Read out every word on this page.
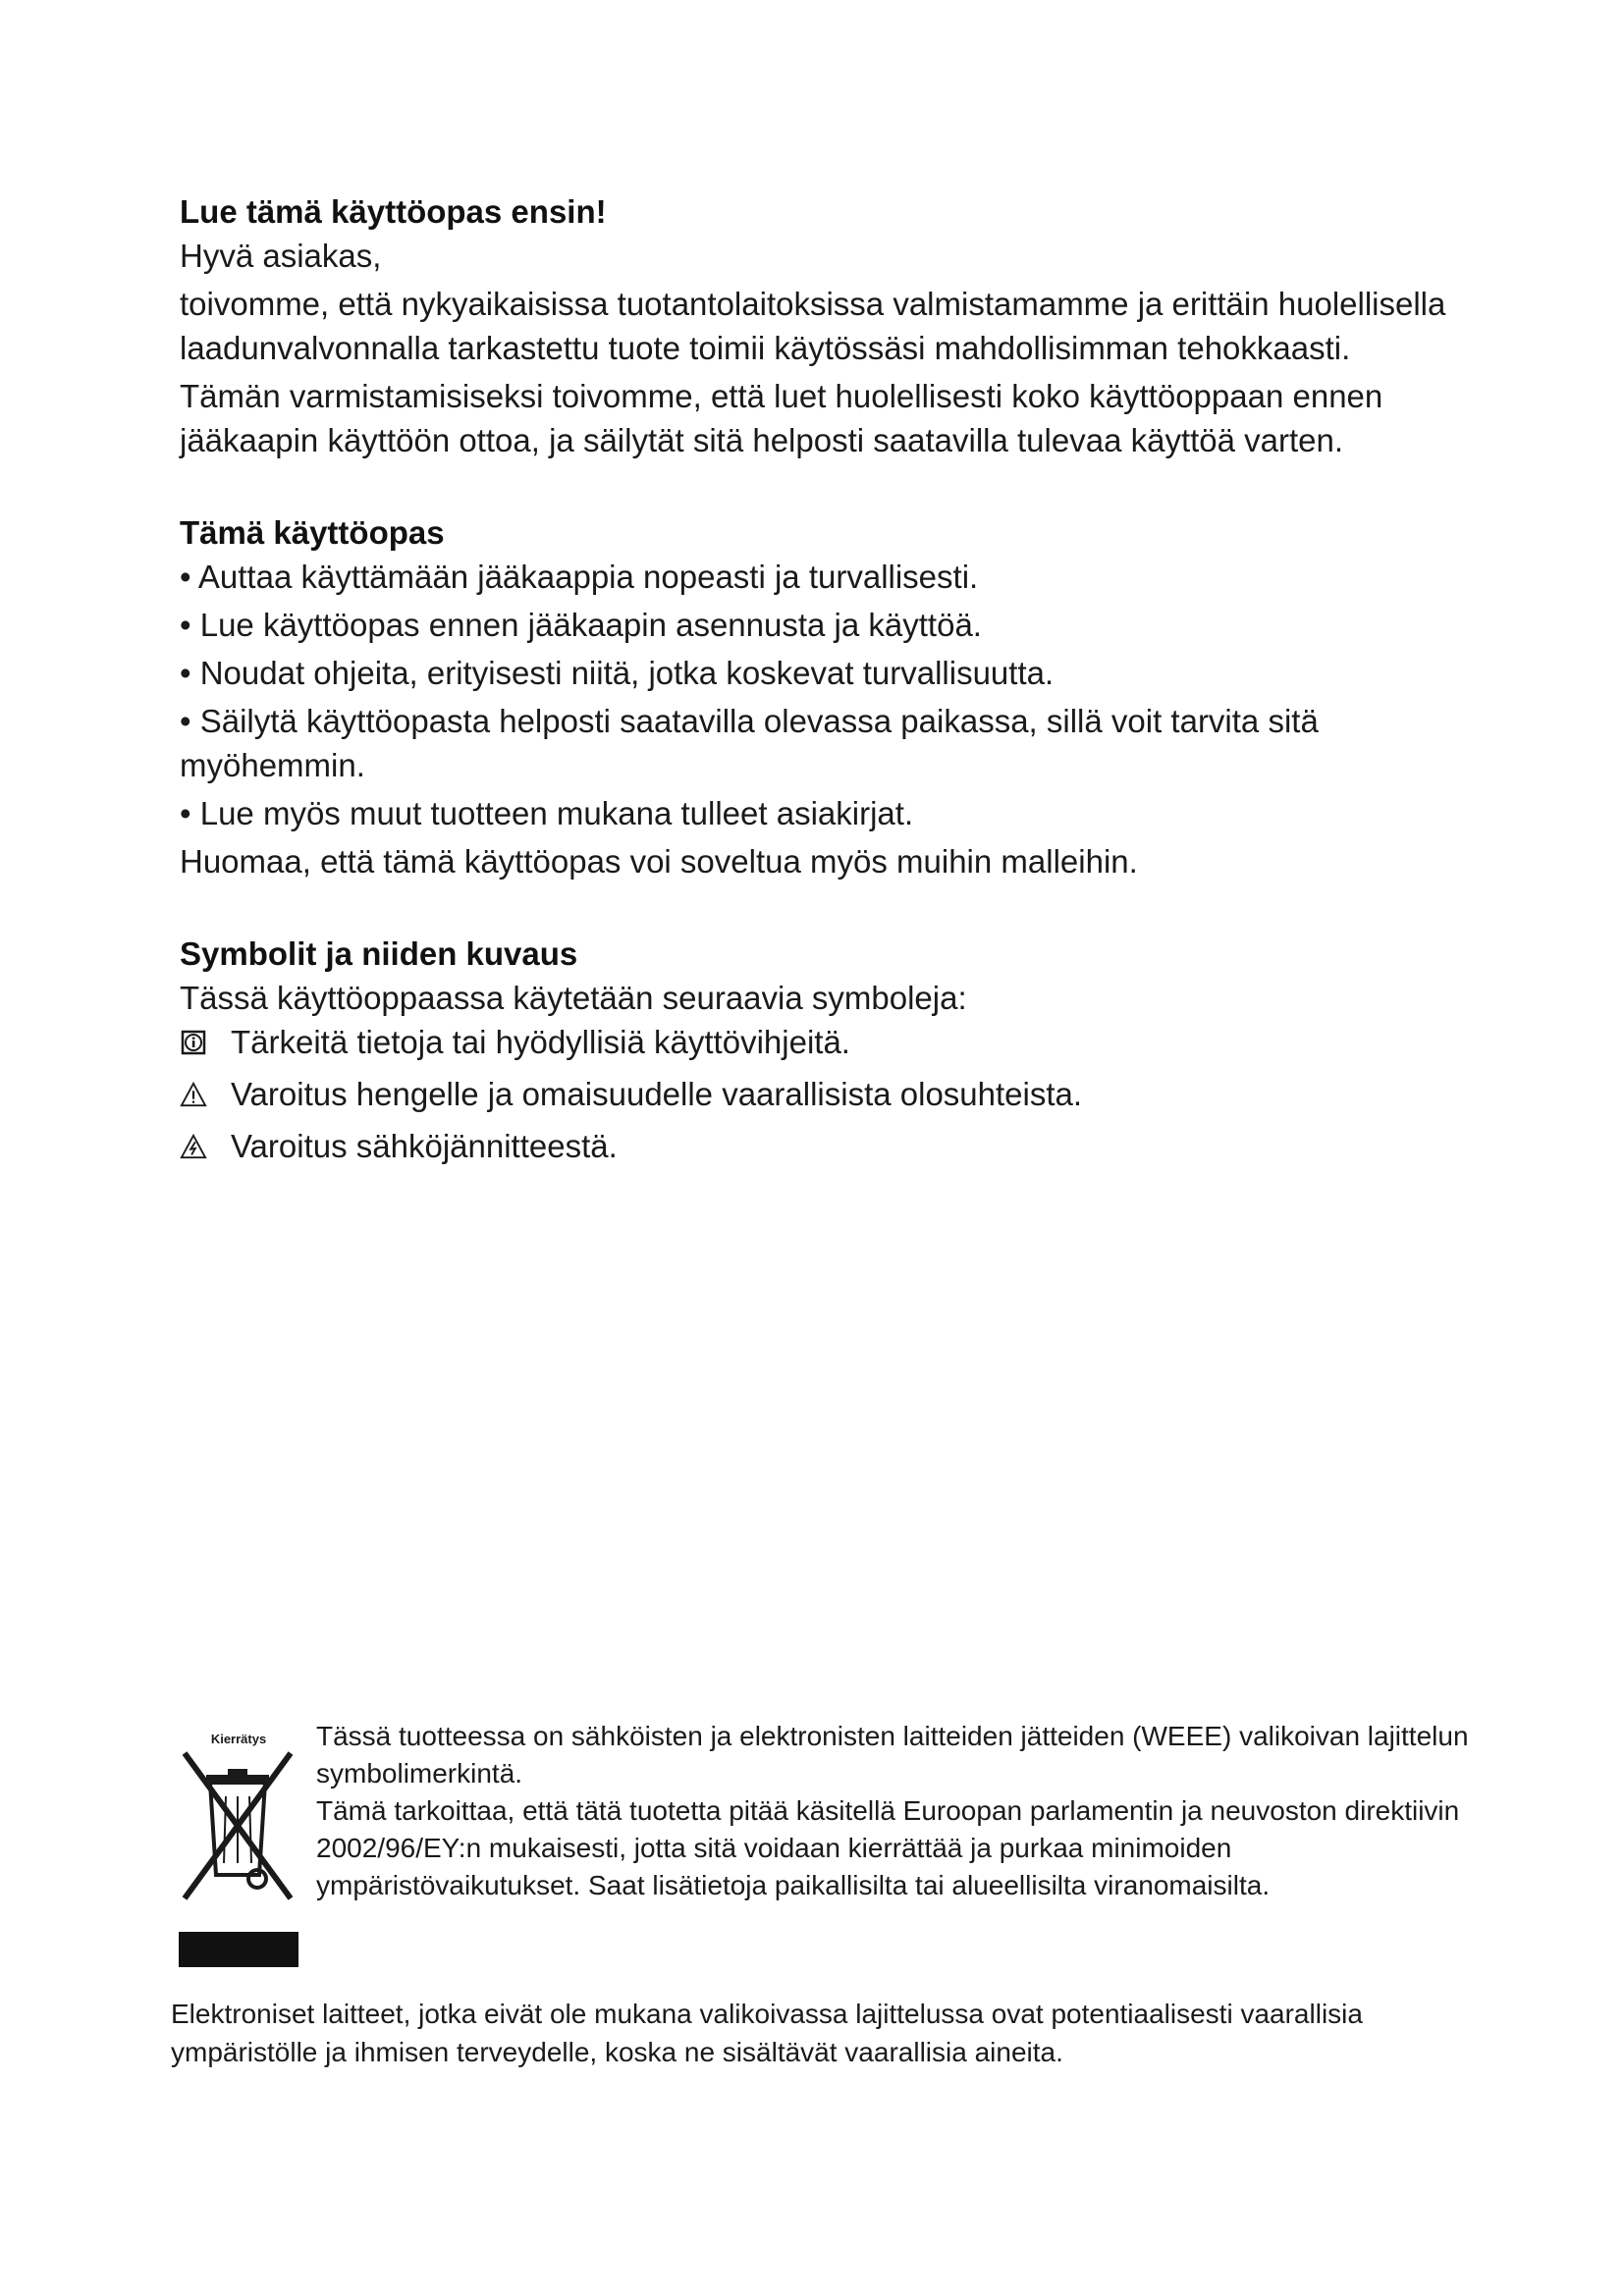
Lue tämä käyttöopas ensin!

Hyvä asiakas,

toivomme, että nykyaikaisissa tuotantolaitoksissa valmistamamme ja erittäin huolellisella laadunvalvonnalla tarkastettu tuote toimii käytössäsi mahdollisimman tehokkaasti.

Tämän varmistamisiseksi toivomme, että luet huolellisesti koko käyttöoppaan ennen jääkaapin käyttöön ottoa, ja säilytät sitä helposti saatavilla tulevaa käyttöä varten.

Tämä käyttöopas

• Auttaa käyttämään jääkaappia nopeasti ja turvallisesti.

• Lue käyttöopas ennen jääkaapin asennusta ja käyttöä.

• Noudat ohjeita, erityisesti niitä, jotka koskevat turvallisuutta.

• Säilytä käyttöopasta helposti saatavilla olevassa paikassa, sillä voit tarvita sitä myöhemmin.

• Lue myös muut tuotteen mukana tulleet asiakirjat.

Huomaa, että tämä käyttöopas voi soveltua myös muihin malleihin.

Symbolit ja niiden kuvaus

Tässä käyttöoppaassa käytetään seuraavia symboleja:

Tärkeitä tietoja tai hyödyllisiä käyttövihjeitä.
Varoitus hengelle ja omaisuudelle vaarallisista olosuhteista.
Varoitus sähköjännitteestä.
Kierrätys Tässä tuotteessa on sähköisten ja elektronisten laitteiden jätteiden (WEEE) valikoivan lajittelun symbolimerkintä.

Tämä tarkoittaa, että tätä tuotetta pitää käsitellä Euroopan parlamentin ja neuvoston direktiivin 2002/96/EY:n mukaisesti, jotta sitä voidaan kierrättää ja purkaa minimoiden ympäristövaikutukset. Saat lisätietoja paikallisilta tai alueellisilta viranomaisilta.

Elektroniset laitteet, jotka eivät ole mukana valikoivassa lajittelussa ovat potentiaalisesti vaarallisia ympäristölle ja ihmisen terveydelle, koska ne sisältävät vaarallisia aineita.
